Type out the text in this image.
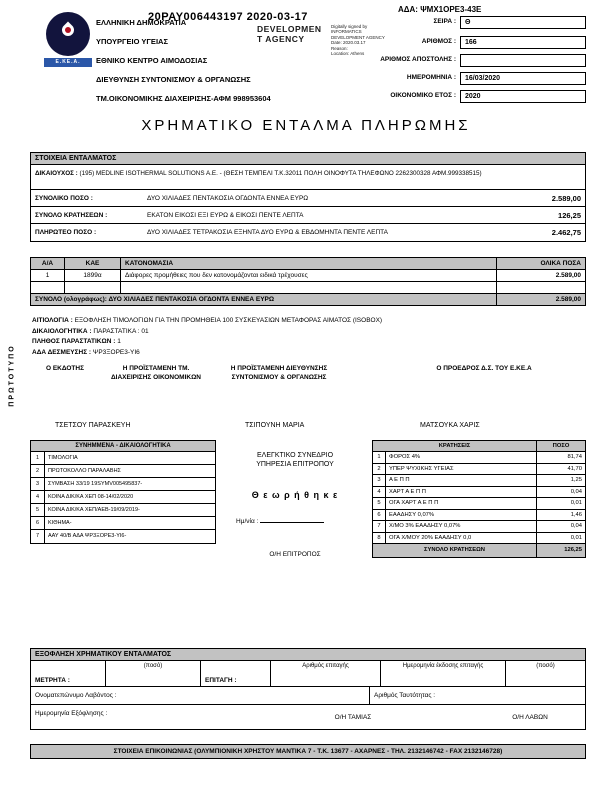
ΠΡΩΤΟΤΥΠΟ
Ε.ΚΕ.Α.
ΕΛΛΗΝΙΚΗ ΔΗΜΟΚΡΑΤΙΑ
ΥΠΟΥΡΓΕΙΟ ΥΓΕΙΑΣ
ΕΘΝΙΚΟ ΚΕΝΤΡΟ ΑΙΜΟΔΟΣΙΑΣ
ΔΙΕΥΘΥΝΣΗ ΣΥΝΤΟΝΙΣΜΟΥ & ΟΡΓΑΝΩΣΗΣ
ΤΜ.ΟΙΚΟΝΟΜΙΚΗΣ ΔΙΑΧΕΙΡΙΣΗΣ-ΑΦΜ 998953604
20PAY006443197 2020-03-17
DEVELOPMEN
T AGENCY
Digitally signed by
INFORMATICS
DEVELOPMENT AGENCY
Date: 2020.03.17
Reason:
Location: Athens
ΑΔΑ: ΨΜΧ1ΟΡΕ3-43Ε
ΣΕΙΡΑ :	Θ
ΑΡΙΘΜΟΣ :	166
ΑΡΙΘΜΟΣ ΑΠΟΣΤΟΛΗΣ :
ΗΜΕΡΟΜΗΝΙΑ :	16/03/2020
ΟΙΚΟΝΟΜΙΚΟ ΕΤΟΣ :	2020
ΧΡΗΜΑΤΙΚΟ ΕΝΤΑΛΜΑ ΠΛΗΡΩΜΗΣ
ΣΤΟΙΧΕΙΑ ΕΝΤΑΛΜΑΤΟΣ
ΔΙΚΑΙΟΥΧΟΣ : (195) MEDLINE ISOTHERMAL SOLUTIONS A.E. - (ΘΕΣΗ ΤΕΜΠΕΛΙ Τ.Κ.32011 ΠΟΛΗ ΟΙΝΟΦΥΤΑ ΤΗΛΕΦΩΝΟ 2262300328 ΑΦΜ.999338515)
ΣΥΝΟΛΙΚΟ ΠΟΣΟ :	ΔΥΟ ΧΙΛΙΑΔΕΣ ΠΕΝΤΑΚΟΣΙΑ ΟΓΔΟΝΤΑ ΕΝΝΕΑ ΕΥΡΩ	2.589,00
ΣΥΝΟΛΟ ΚΡΑΤΗΣΕΩΝ :	ΕΚΑΤΟΝ ΕΙΚΟΣΙ ΕΞΙ ΕΥΡΩ & ΕΙΚΟΣΙ ΠΕΝΤΕ ΛΕΠΤΑ	126,25
ΠΛΗΡΩΤΕΟ ΠΟΣΟ :	ΔΥΟ ΧΙΛΙΑΔΕΣ ΤΕΤΡΑΚΟΣΙΑ ΕΞΗΝΤΑ ΔΥΟ ΕΥΡΩ & ΕΒΔΟΜΗΝΤΑ ΠΕΝΤΕ ΛΕΠΤΑ	2.462,75
Α/Α	ΚΑΕ	ΚΑΤΟΝΟΜΑΣΙΑ	ΟΛΙΚΑ ΠΟΣΑ
1	1899α	Διάφορες προμήθειες που δεν κατονομάζονται ειδικά τρέχουσες	2.589,00
ΣΥΝΟΛΟ (ολογράφως): ΔΥΟ ΧΙΛΙΑΔΕΣ ΠΕΝΤΑΚΟΣΙΑ ΟΓΔΟΝΤΑ ΕΝΝΕΑ ΕΥΡΩ	2.589,00
ΑΙΤΙΟΛΟΓΙΑ : ΕΞΟΦΛΗΣΗ ΤΙΜΟΛΟΓΙΩΝ ΓΙΑ ΤΗΝ ΠΡΟΜΗΘΕΙΑ 100 ΣΥΣΚΕΥΑΣΙΩΝ ΜΕΤΑΦΟΡΑΣ ΑΙΜΑΤΟΣ (ISOBOX)
ΔΙΚΑΙΟΛΟΓΗΤΙΚΑ : ΠΑΡΑΣΤΑΤΙΚΑ : 01
ΠΛΗΘΟΣ ΠΑΡΑΣΤΑΤΙΚΩΝ : 1
ΑΔΑ ΔΕΣΜΕΥΣΗΣ : ΨΡ3ΞΟΡΕ3-ΥΙ6
Ο ΕΚΔΟΤΗΣ	Η ΠΡΟΪΣΤΑΜΕΝΗ ΤΜ.
ΔΙΑΧΕΙΡΙΣΗΣ ΟΙΚΟΝΟΜΙΚΩΝ
Η ΠΡΟΪΣΤΑΜΕΝΗ ΔΙΕΥΘΥΝΣΗΣ
ΣΥΝΤΟΝΙΣΜΟΥ & ΟΡΓΑΝΩΣΗΣ
Ο ΠΡΟΕΔΡΟΣ Δ.Σ. ΤΟΥ Ε.ΚΕ.Α
ΤΣΕΤΣΟΥ ΠΑΡΑΣΚΕΥΗ	ΤΣΙΠΟΥΝΗ ΜΑΡΙΑ	ΜΑΤΣΟΥΚΑ ΧΑΡΙΣ
ΣΥΝΗΜΜΕΝΑ - ΔΙΚΑΙΟΛΟΓΗΤΙΚΑ
1	ΤΙΜΟΛΟΓΙΑ
2	ΠΡΩΤΟΚΟΛΛΟ ΠΑΡΑΛΑΒΗΣ
3	ΣΥΜΒΑΣΗ 33/19 19SYMV005495837-
4	ΚΟΙΝΑ ΔΙΚ/ΚΑ ΧΕΠ 08-14/02/2020
5	ΚΟΙΝΑ ΔΙΚ/ΚΑ ΧΕΠ/ΑΕΒ-19/09/2019-
6	ΚΙΘΗΜΑ-
7	ΑΑΥ 40/Β ΑΔΑ ΨΡ3ΞΟΡΕ3-ΥΙ6-
ΕΛΕΓΚΤΙΚΟ ΣΥΝΕΔΡΙΟ
ΥΠΗΡΕΣΙΑ ΕΠΙΤΡΟΠΟΥ
Θ ε ω ρ ή θ η κ ε
Ημ/νία :
Ο/Η ΕΠΙΤΡΟΠΟΣ
ΚΡΑΤΗΣΕΙΣ	ΠΟΣΟ
1	ΦΟΡΟΣ 4%	81,74
2	ΥΠΕΡ ΨΥΧΙΚΗΣ ΥΓΕΙΑΣ	41,70
3	Α Ε Π Π	1,25
4	ΧΑΡΤ Α Ε Π Π	0,04
5	ΟΓΑ ΧΑΡΤ Α Ε Π Π	0,01
6	ΕΑΑΔΗΣΥ 0,07%	1,46
7	Χ/ΜΟ 3% ΕΑΑΔΗΣΥ 0,07%	0,04
8	ΟΓΑ Χ/ΜΟΥ 20% ΕΑΑΔΗΣΥ 0,0	0,01
ΣΥΝΟΛΟ ΚΡΑΤΗΣΕΩΝ	126,25
ΕΞΟΦΛΗΣΗ ΧΡΗΜΑΤΙΚΟΥ ΕΝΤΑΛΜΑΤΟΣ
ΜΕΤΡΗΤΑ :
(ποσό)
ΕΠΙΤΑΓΗ :
Αριθμός επιταγής	Ημερομηνία έκδοσης επιταγής	(ποσό)
Ονοματεπώνυμο Λαβόντος :	Αριθμός Ταυτότητας :
Ημερομηνία Εξόφλησης :
Ο/Η ΤΑΜΙΑΣ	Ο/Η ΛΑΒΩΝ
ΣΤΟΙΧΕΙΑ ΕΠΙΚΟΙΝΩΝΙΑΣ (ΟΛΥΜΠΙΟΝΙΚΗ ΧΡΗΣΤΟΥ ΜΑΝΤΙΚΑ 7 - Τ.Κ. 13677 - ΑΧΑΡΝΕΣ - ΤΗΛ. 2132146742 - FAX 2132146728)
